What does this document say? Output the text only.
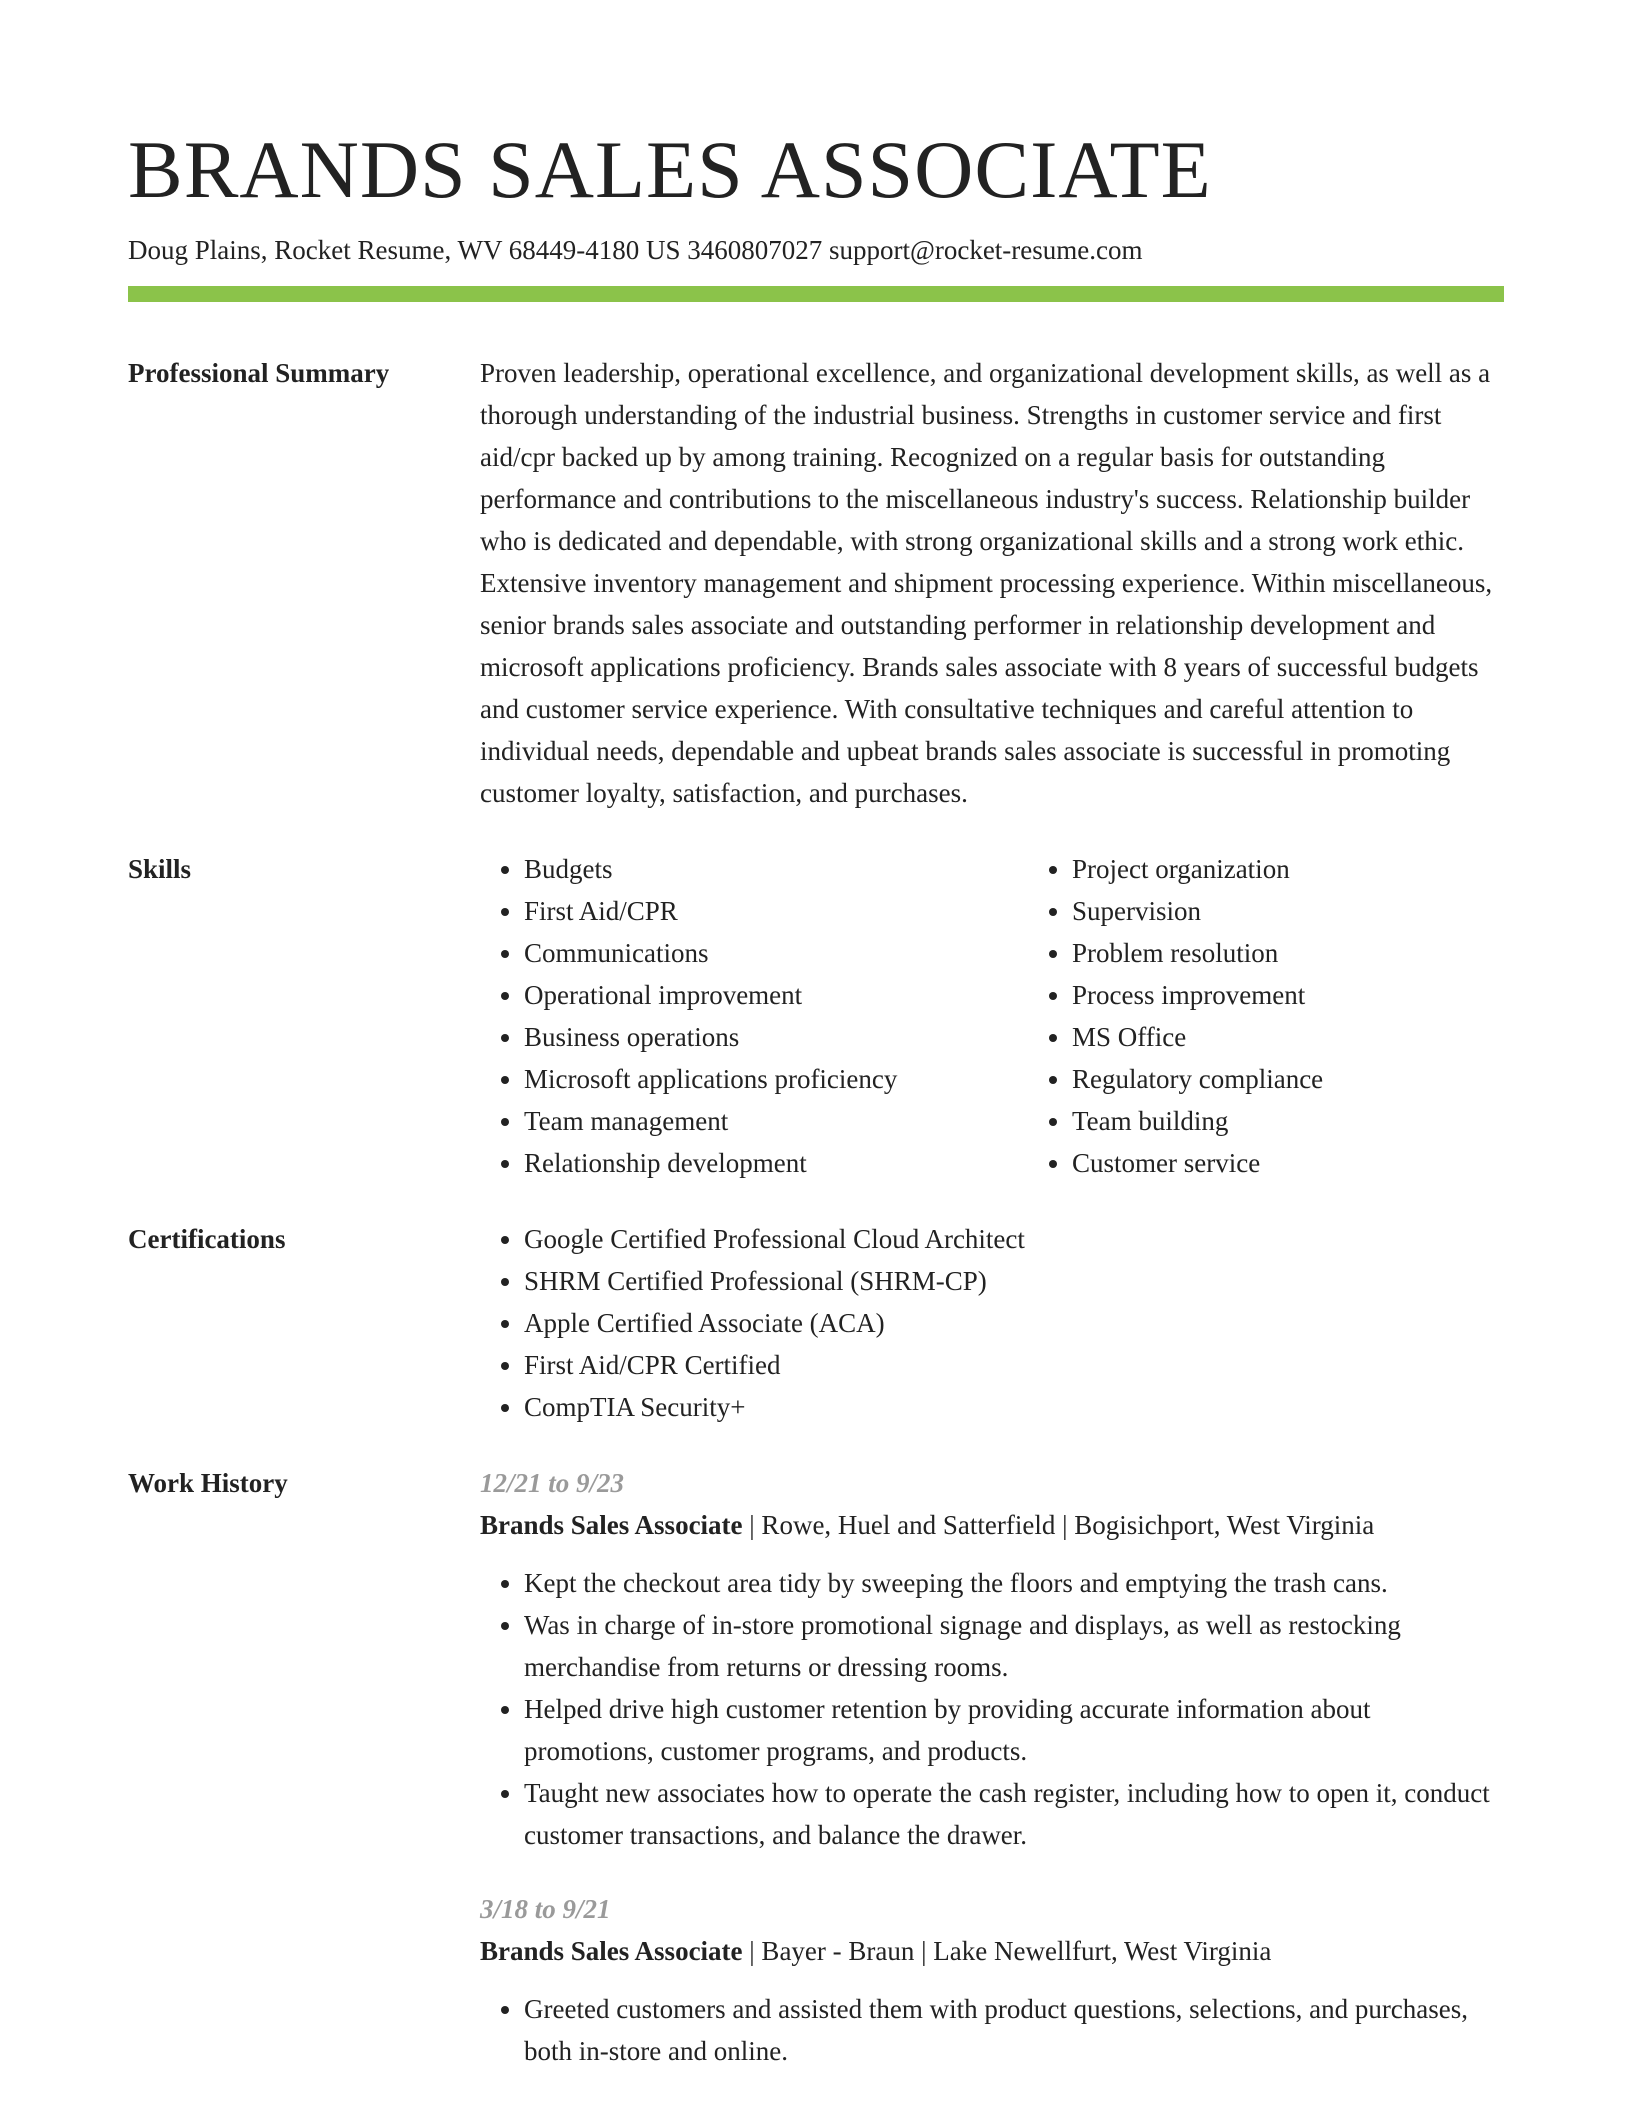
BRANDS SALES ASSOCIATE
Doug Plains, Rocket Resume, WV 68449-4180 US 3460807027 support@rocket-resume.com
Professional Summary	Proven leadership, operational excellence, and organizational development skills, as well as a thorough understanding of the industrial business. Strengths in customer service and first aid/cpr backed up by among training. Recognized on a regular basis for outstanding performance and contributions to the miscellaneous industry's success. Relationship builder who is dedicated and dependable, with strong organizational skills and a strong work ethic. Extensive inventory management and shipment processing experience. Within miscellaneous, senior brands sales associate and outstanding performer in relationship development and microsoft applications proficiency. Brands sales associate with 8 years of successful budgets and customer service experience. With consultative techniques and careful attention to individual needs, dependable and upbeat brands sales associate is successful in promoting customer loyalty, satisfaction, and purchases.

Skills	• Budgets
• First Aid/CPR
• Communications
• Operational improvement
• Business operations
• Microsoft applications proficiency
• Team management
• Relationship development
• Project organization
• Supervision
• Problem resolution
• Process improvement
• MS Office
• Regulatory compliance
• Team building
• Customer service
Certifications	• Google Certified Professional Cloud Architect
• SHRM Certified Professional (SHRM-CP)
• Apple Certified Associate (ACA)
• First Aid/CPR Certified
• CompTIA Security+
Work History	12/21 to 9/23
Brands Sales Associate | Rowe, Huel and Satterfield | Bogisichport, West Virginia
• Kept the checkout area tidy by sweeping the floors and emptying the trash cans.
• Was in charge of in-store promotional signage and displays, as well as restocking merchandise from returns or dressing rooms.
• Helped drive high customer retention by providing accurate information about promotions, customer programs, and products.
• Taught new associates how to operate the cash register, including how to open it, conduct customer transactions, and balance the drawer.
3/18 to 9/21
Brands Sales Associate | Bayer - Braun | Lake Newellfurt, West Virginia
• Greeted customers and assisted them with product questions, selections, and purchases, both in-store and online.
